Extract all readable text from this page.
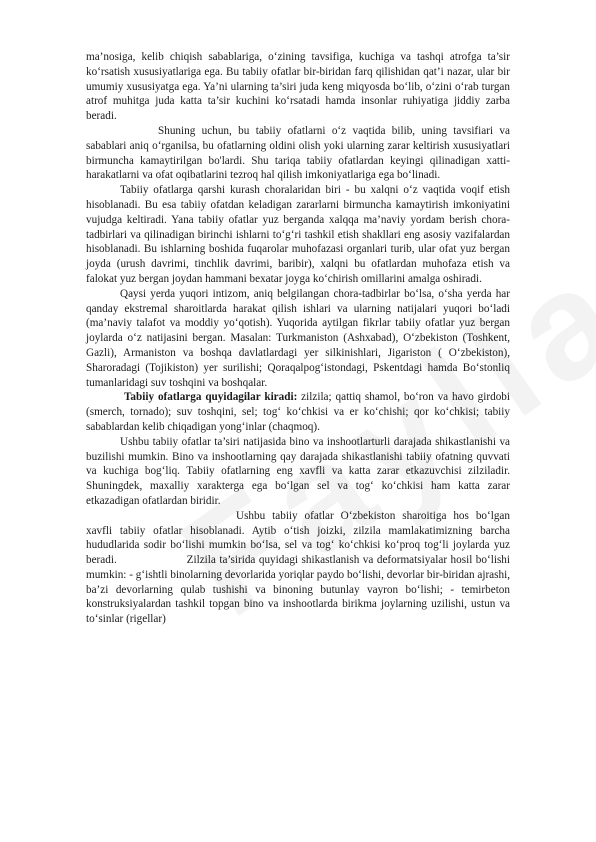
ma’nosiga, kelib chiqish sabablariga, o‘zining tavsifiga, kuchiga va tashqi atrofga ta’sir ko‘rsatish xususiyatlariga ega. Bu tabiiy ofatlar bir-biridan farq qilishidan qat’i nazar, ular bir umumiy xususiyatga ega. Ya’ni ularning ta’siri juda keng miqyosda bo‘lib, o‘zini o‘rab turgan atrof muhitga juda katta ta’sir kuchini ko‘rsatadi hamda insonlar ruhiyatiga jiddiy zarba beradi.

Shuning uchun, bu tabiiy ofatlarni o‘z vaqtida bilib, uning tavsifiari va sabablari aniq o‘rganilsa, bu ofatlarning oldini olish yoki ularning zarar keltirish xususiyatlari birmuncha kamaytirilgan bo'lardi. Shu tariqa tabiiy ofatlardan keyingi qilinadigan xatti-harakatlarni va ofat oqibatlarini tezroq hal qilish imkoniyatlariga ega bo‘linadi.

Tabiiy ofatlarga qarshi kurash choralaridan biri - bu xalqni o‘z vaqtida voqif etish hisoblanadi. Bu esa tabiiy ofatdan keladigan zararlarni birmuncha kamaytirish imkoniyatini vujudga keltiradi. Yana tabiiy ofatlar yuz berganda xalqqa ma’naviy yordam berish chora-tadbirlari va qilinadigan birinchi ishlarni to‘g‘ri tashkil etish shakllari eng asosiy vazifalardan hisoblanadi. Bu ishlarning boshida fuqarolar muhofazasi organlari turib, ular ofat yuz bergan joyda (urush davrimi, tinchlik davrimi, baribir), xalqni bu ofatlardan muhofaza etish va falokat yuz bergan joydan hammani bexatar joyga ko‘chirish omillarini amalga oshiradi.

Qaysi yerda yuqori intizom, aniq belgilangan chora-tadbirlar bo‘lsa, o‘sha yerda har qanday ekstremal sharoitlarda harakat qilish ishlari va ularning natijalari yuqori bo‘ladi (ma’naviy talafot va moddiy yo‘qotish). Yuqorida aytilgan fikrlar tabiiy ofatlar yuz bergan joylarda o‘z natijasini bergan. Masalan: Turkmaniston (Ashxabad), O‘zbekiston (Toshkent, Gazli), Armaniston va boshqa davlatlardagi yer silkinishlari, Jigariston ( O‘zbekiston), Sharoradagi (Tojikiston) yer surilishi; Qoraqalpog‘istondagi, Pskentdagi hamda Bo‘stonliq tumanlaridagi suv toshqini va boshqalar.

Tabiiy ofatlarga quyidagilar kiradi: zilzila; qattiq shamol, bo‘ron va havo girdobi (smerch, tornado); suv toshqini, sel; tog‘ ko‘chkisi va er ko‘chishi; qor ko‘chkisi; tabiiy sabablardan kelib chiqadigan yong‘inlar (chaqmoq).

Ushbu tabiiy ofatlar ta’siri natijasida bino va inshootlarturli darajada shikastlanishi va buzilishi mumkin. Bino va inshootlarning qay darajada shikastlanishi tabiiy ofatning quvvati va kuchiga bog‘liq. Tabiiy ofatlarning eng xavfli va katta zarar etkazuvchisi zilziladir. Shuningdek, maxalliy xarakterga ega bo‘lgan sel va tog‘ ko‘chkisi ham katta zarar etkazadigan ofatlardan biridir.

Ushbu tabiiy ofatlar O‘zbekiston sharoitiga hos bo‘lgan xavfli tabiiy ofatlar hisoblanadi. Aytib o‘tish joizki, zilzila mamlakatimizning barcha hududlarida sodir bo‘lishi mumkin bo‘lsa, sel va tog‘ ko‘chkisi ko‘proq tog‘li joylarda yuz beradi.                    Zilzila ta’sirida quyidagi shikastlanish va deformatsiyalar hosil bo‘lishi mumkin: - g‘ishtli binolarning devorlarida yoriqlar paydo bo‘lishi, devorlar bir-biridan ajrashi, ba’zi devorlarning qulab tushishi va binoning butunlay vayron bo‘lishi; - temirbeton konstruksiyalardan tashkil topgan bino va inshootlarda birikma joylarning uzilishi, ustun va to‘sinlar (rigellar)
